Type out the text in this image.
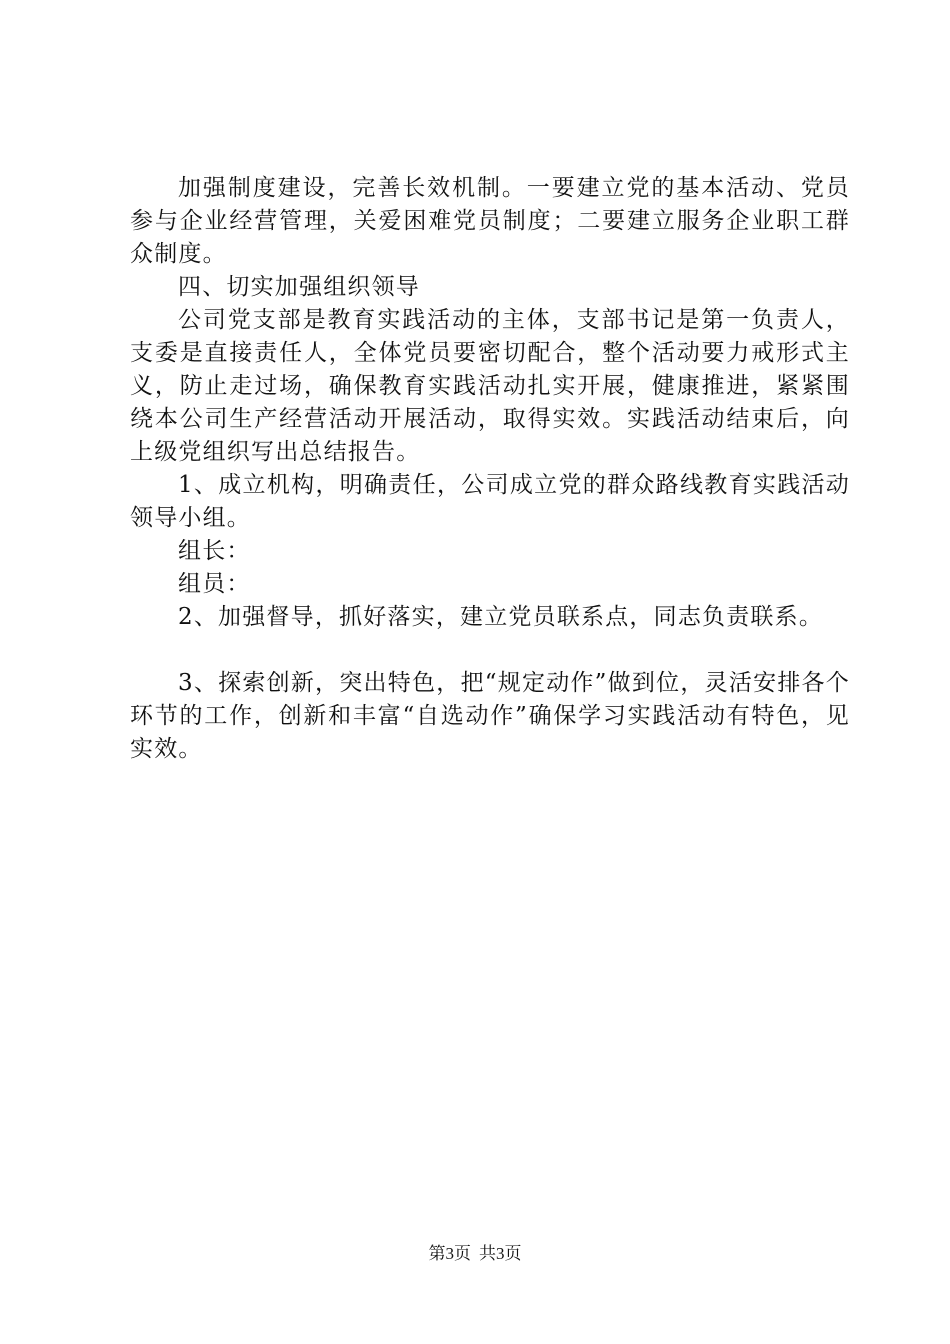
加强制度建设，完善长效机制。一要建立党的基本活动、党员参与企业经营管理，关爱困难党员制度；二要建立服务企业职工群众制度。

四、切实加强组织领导

公司党支部是教育实践活动的主体，支部书记是第一负责人，支委是直接责任人，全体党员要密切配合，整个活动要力戒形式主义，防止走过场，确保教育实践活动扎实开展，健康推进，紧紧围绕本公司生产经营活动开展活动，取得实效。实践活动结束后，向上级党组织写出总结报告。

1、成立机构，明确责任，公司成立党的群众路线教育实践活动领导小组。

组长：

组员：

2、加强督导，抓好落实，建立党员联系点，同志负责联系。

3、探索创新，突出特色，把“规定动作”做到位，灵活安排各个环节的工作，创新和丰富“自选动作”确保学习实践活动有特色，见实效。

第3页 共3页
